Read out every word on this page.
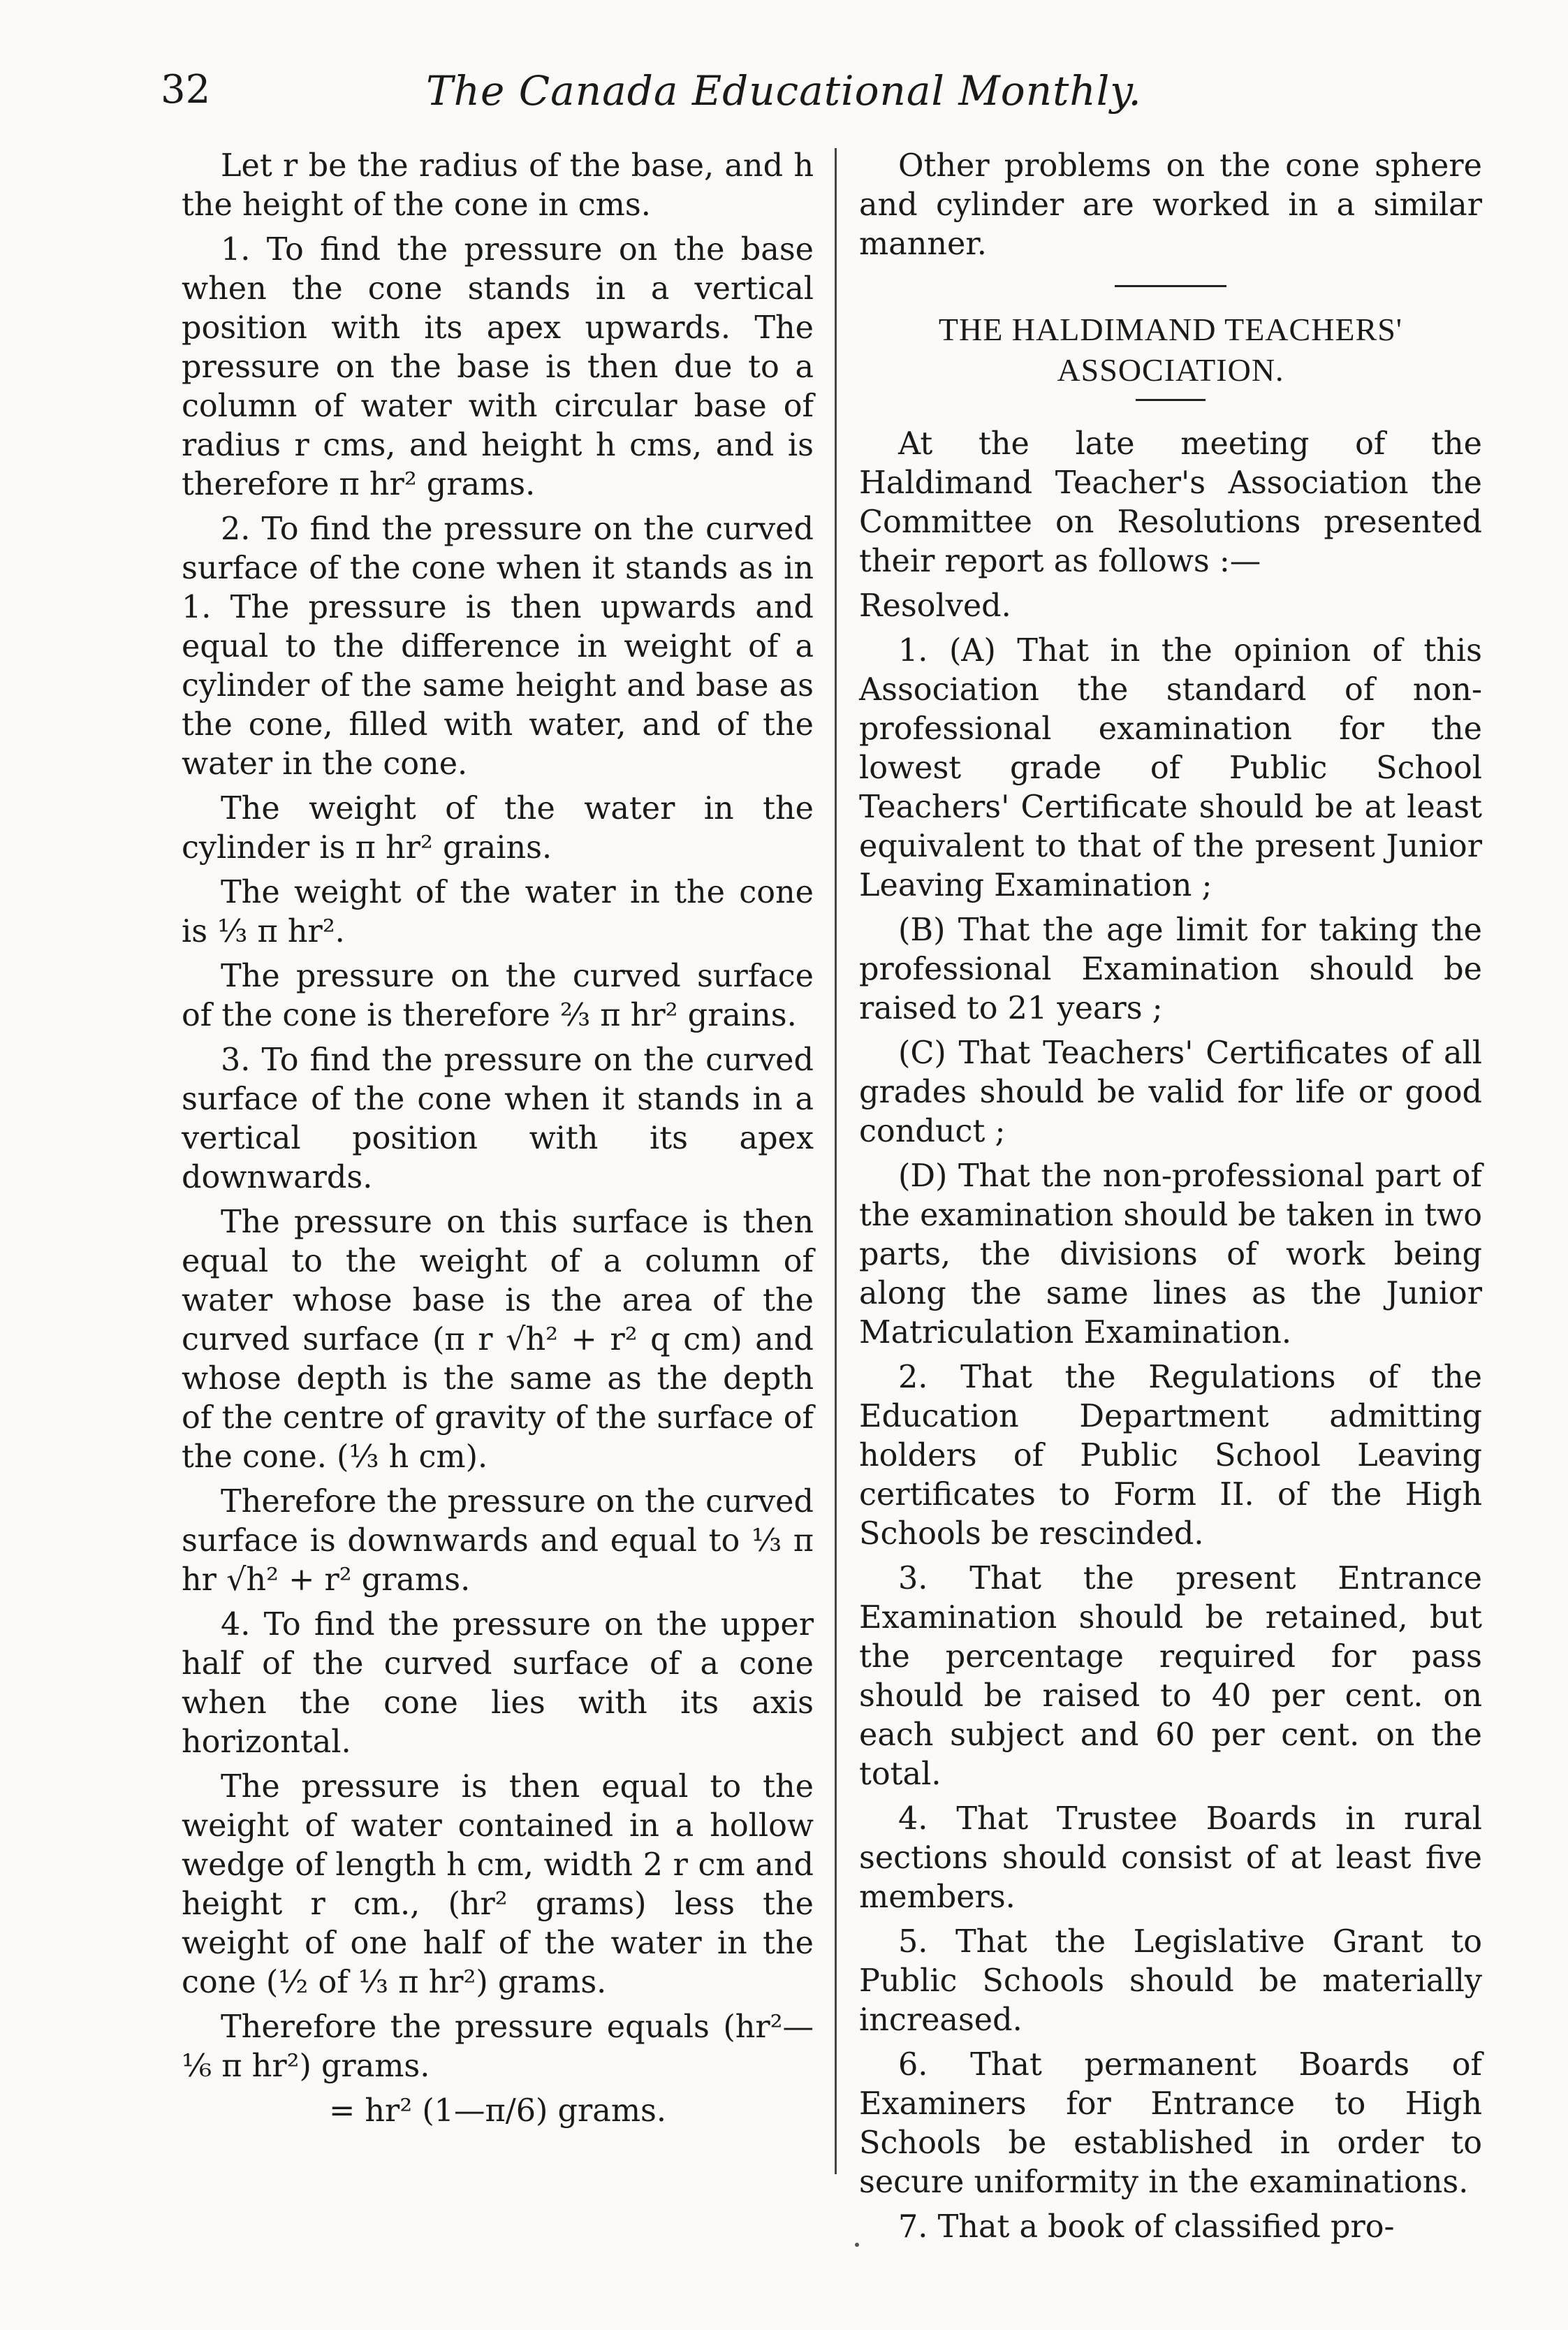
32	The Canada Educational Monthly.

Let r be the radius of the base, and h the height of the cone in cms.

1. To find the pressure on the base when the cone stands in a vertical position with its apex upwards. The pressure on the base is then due to a column of water with circular base of radius r cms, and height h cms, and is therefore π hr² grams.

2. To find the pressure on the curved surface of the cone when it stands as in 1. The pressure is then upwards and equal to the difference in weight of a cylinder of the same height and base as the cone, filled with water, and of the water in the cone.

The weight of the water in the cylinder is π hr² grains.

The weight of the water in the cone is ⅓ π hr².

The pressure on the curved surface of the cone is therefore ⅔ π hr² grains.

3. To find the pressure on the curved surface of the cone when it stands in a vertical position with its apex downwards.

The pressure on this surface is then equal to the weight of a column of water whose base is the area of the curved surface (π r √h² + r² q cm) and whose depth is the same as the depth of the centre of gravity of the surface of the cone. (⅓ h cm).

Therefore the pressure on the curved surface is downwards and equal to ⅓ π hr √h² + r² grams.

4. To find the pressure on the upper half of the curved surface of a cone when the cone lies with its axis horizontal.

The pressure is then equal to the weight of water contained in a hollow wedge of length h cm, width 2 r cm and height r cm., (hr² grams) less the weight of one half of the water in the cone (½ of ⅓ π hr²) grams.

Therefore the pressure equals (hr²—⅙ π hr²) grams.

= hr² (1—π/6) grams.

Other problems on the cone sphere and cylinder are worked in a similar manner.

THE HALDIMAND TEACHERS'
ASSOCIATION.

At the late meeting of the Haldimand Teacher's Association the Committee on Resolutions presented their report as follows :—

Resolved.

1. (A) That in the opinion of this Association the standard of non-professional examination for the lowest grade of Public School Teachers' Certificate should be at least equivalent to that of the present Junior Leaving Examination ;

(B) That the age limit for taking the professional Examination should be raised to 21 years ;

(C) That Teachers' Certificates of all grades should be valid for life or good conduct ;

(D) That the non-professional part of the examination should be taken in two parts, the divisions of work being along the same lines as the Junior Matriculation Examination.

2. That the Regulations of the Education Department admitting holders of Public School Leaving certificates to Form II. of the High Schools be rescinded.

3. That the present Entrance Examination should be retained, but the percentage required for pass should be raised to 40 per cent. on each subject and 60 per cent. on the total.

4. That Trustee Boards in rural sections should consist of at least five members.

5. That the Legislative Grant to Public Schools should be materially increased.

6. That permanent Boards of Examiners for Entrance to High Schools be established in order to secure uniformity in the examinations.

7. That a book of classified pro-
